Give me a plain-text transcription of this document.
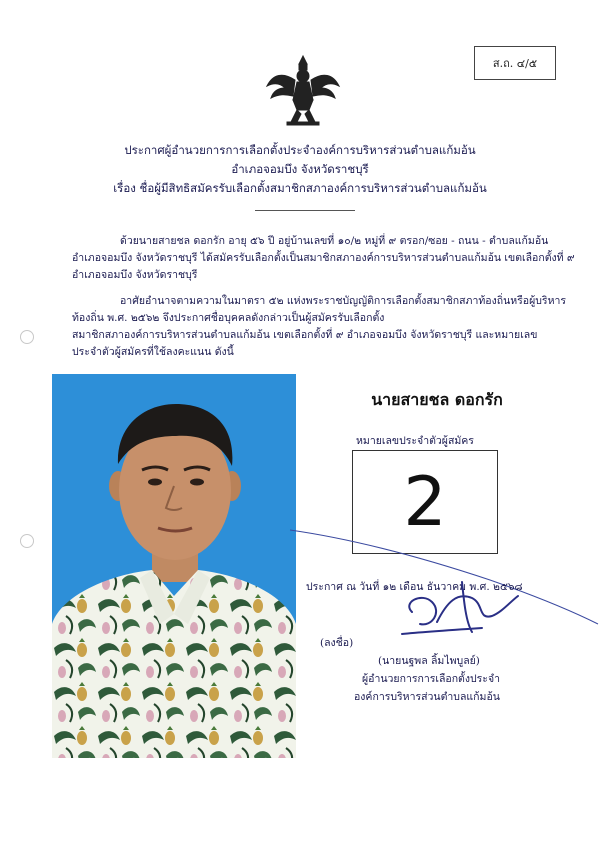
ส.ถ. ๔/๕
ประกาศผู้อำนวยการการเลือกตั้งประจำองค์การบริหารส่วนตำบลแก้มอ้น
อำเภอจอมบึง จังหวัดราชบุรี
เรื่อง ชื่อผู้มีสิทธิสมัครรับเลือกตั้งสมาชิกสภาองค์การบริหารส่วนตำบลแก้มอ้น
ด้วยนายสายชล ดอกรัก อายุ ๕๖ ปี อยู่บ้านเลขที่ ๑๐/๒ หมู่ที่ ๙ ตรอก/ซอย - ถนน - ตำบลแก้มอ้น
อำเภอจอมบึง จังหวัดราชบุรี ได้สมัครรับเลือกตั้งเป็นสมาชิกสภาองค์การบริหารส่วนตำบลแก้มอ้น เขตเลือกตั้งที่ ๙
อำเภอจอมบึง จังหวัดราชบุรี
อาศัยอำนาจตามความในมาตรา ๕๒ แห่งพระราชบัญญัติการเลือกตั้งสมาชิกสภาท้องถิ่นหรือผู้บริหาร
ท้องถิ่น พ.ศ. ๒๕๖๒ จึงประกาศชื่อบุคคลดังกล่าวเป็นผู้สมัครรับเลือกตั้ง
สมาชิกสภาองค์การบริหารส่วนตำบลแก้มอ้น เขตเลือกตั้งที่ ๙ อำเภอจอมบึง จังหวัดราชบุรี และหมายเลข
ประจำตัวผู้สมัครที่ใช้ลงคะแนน ดังนี้
นายสายชล ดอกรัก
หมายเลขประจำตัวผู้สมัคร
2
ประกาศ ณ วันที่ ๑๒ เดือน ธันวาคม พ.ศ. ๒๕๖๘
(ลงชื่อ)
(นายนฐพล ลิ้มไพบูลย์)
ผู้อำนวยการการเลือกตั้งประจำ
องค์การบริหารส่วนตำบลแก้มอ้น
